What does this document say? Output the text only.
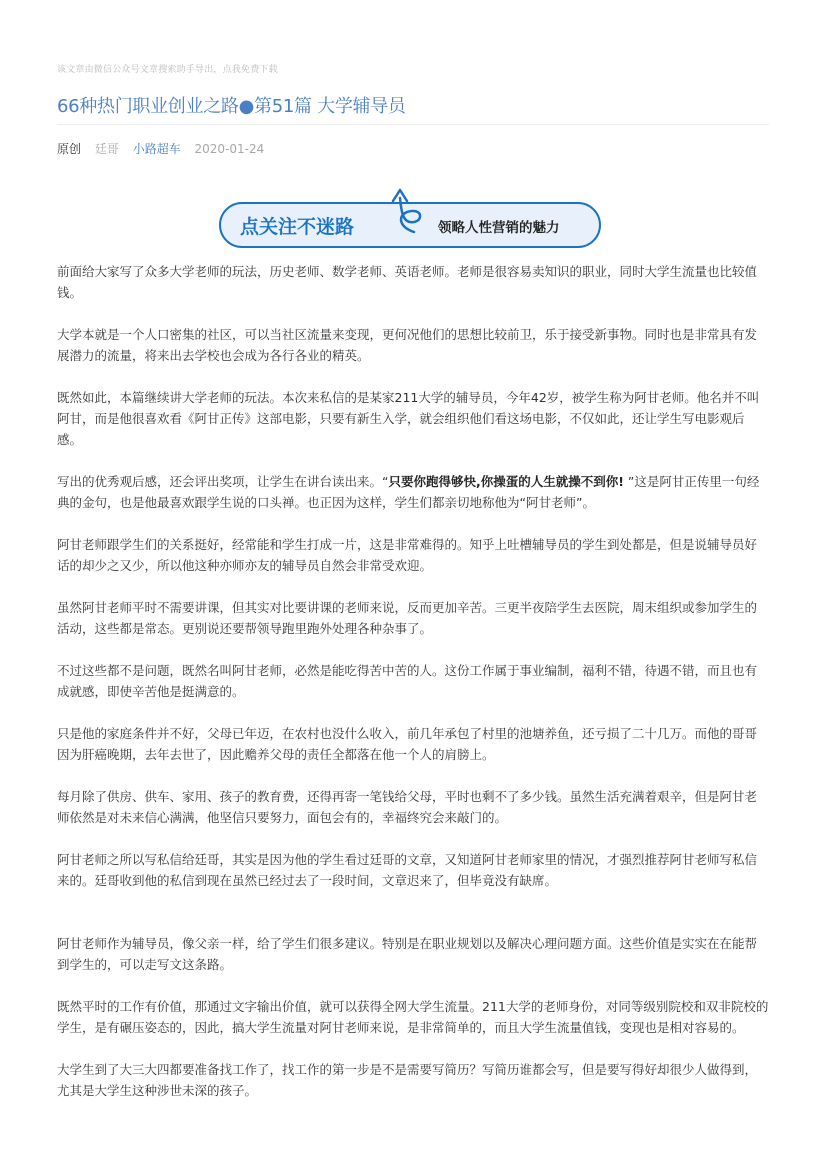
该文章由微信公众号文章搜索助手导出，点我免费下载
66种热门职业创业之路●第51篇 大学辅导员
原创 廷哥 小路超车 2020-01-24
点关注不迷路	领略人性营销的魅力

前面给大家写了众多大学老师的玩法，历史老师、数学老师、英语老师。老师是很容易卖知识的职业，同时大学生流量也比较值钱。

大学本就是一个人口密集的社区，可以当社区流量来变现，更何况他们的思想比较前卫，乐于接受新事物。同时也是非常具有发展潜力的流量，将来出去学校也会成为各行各业的精英。

既然如此，本篇继续讲大学老师的玩法。本次来私信的是某家211大学的辅导员，今年42岁，被学生称为阿甘老师。他名并不叫阿甘，而是他很喜欢看《阿甘正传》这部电影，只要有新生入学，就会组织他们看这场电影，不仅如此，还让学生写电影观后感。

写出的优秀观后感，还会评出奖项，让学生在讲台读出来。“只要你跑得够快,你操蛋的人生就操不到你! ”这是阿甘正传里一句经典的金句，也是他最喜欢跟学生说的口头禅。也正因为这样，学生们都亲切地称他为“阿甘老师”。

阿甘老师跟学生们的关系挺好，经常能和学生打成一片，这是非常难得的。知乎上吐槽辅导员的学生到处都是，但是说辅导员好话的却少之又少，所以他这种亦师亦友的辅导员自然会非常受欢迎。

虽然阿甘老师平时不需要讲课，但其实对比要讲课的老师来说，反而更加辛苦。三更半夜陪学生去医院，周末组织或参加学生的活动，这些都是常态。更别说还要帮领导跑里跑外处理各种杂事了。

不过这些都不是问题，既然名叫阿甘老师，必然是能吃得苦中苦的人。这份工作属于事业编制，福利不错，待遇不错，而且也有成就感，即使辛苦他是挺满意的。

只是他的家庭条件并不好，父母已年迈，在农村也没什么收入，前几年承包了村里的池塘养鱼，还亏损了二十几万。而他的哥哥因为肝癌晚期，去年去世了，因此赡养父母的责任全都落在他一个人的肩膀上。

每月除了供房、供车、家用、孩子的教育费，还得再寄一笔钱给父母，平时也剩不了多少钱。虽然生活充满着艰辛，但是阿甘老师依然是对未来信心满满，他坚信只要努力，面包会有的，幸福终究会来敲门的。

阿甘老师之所以写私信给廷哥，其实是因为他的学生看过廷哥的文章，又知道阿甘老师家里的情况，才强烈推荐阿甘老师写私信来的。廷哥收到他的私信到现在虽然已经过去了一段时间，文章迟来了，但毕竟没有缺席。

阿甘老师作为辅导员，像父亲一样，给了学生们很多建议。特别是在职业规划以及解决心理问题方面。这些价值是实实在在能帮到学生的，可以走写文这条路。

既然平时的工作有价值，那通过文字输出价值，就可以获得全网大学生流量。211大学的老师身份，对同等级别院校和双非院校的学生，是有碾压姿态的，因此，搞大学生流量对阿甘老师来说，是非常简单的，而且大学生流量值钱，变现也是相对容易的。

大学生到了大三大四都要准备找工作了，找工作的第一步是不是需要写简历？写简历谁都会写，但是要写得好却很少人做得到，尤其是大学生这种涉世未深的孩子。
